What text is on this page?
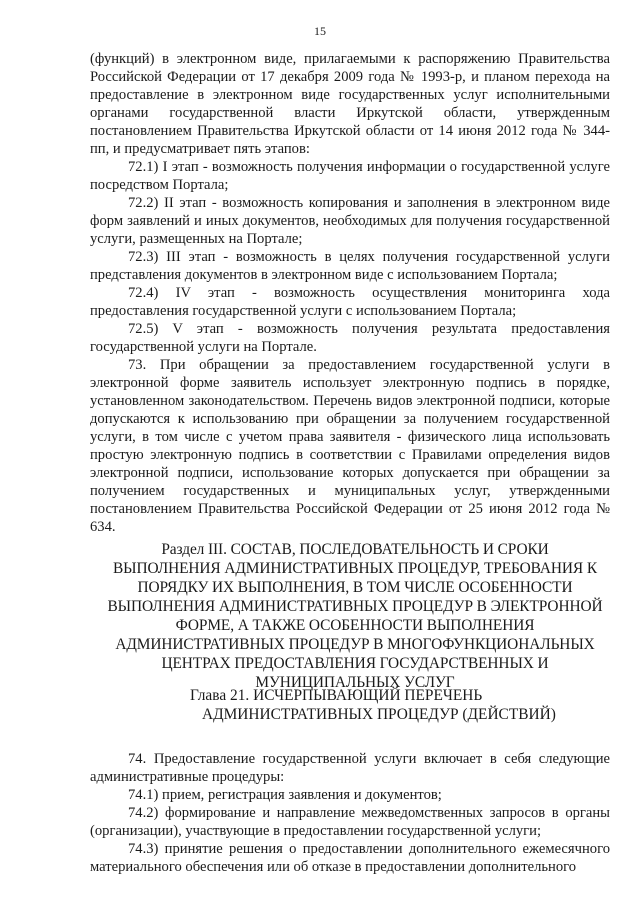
15

(функций) в электронном виде, прилагаемыми к распоряжению Правительства Российской Федерации от 17 декабря 2009 года № 1993-р, и планом перехода на предоставление в электронном виде государственных услуг исполнительными органами государственной власти Иркутской области, утвержденным постановлением Правительства Иркутской области от 14 июня 2012 года № 344-пп, и предусматривает пять этапов:

72.1) I этап - возможность получения информации о государственной услуге посредством Портала;

72.2) II этап - возможность копирования и заполнения в электронном виде форм заявлений и иных документов, необходимых для получения государственной услуги, размещенных на Портале;

72.3) III этап - возможность в целях получения государственной услуги представления документов в электронном виде с использованием Портала;

72.4) IV этап - возможность осуществления мониторинга хода предоставления государственной услуги с использованием Портала;

72.5) V этап - возможность получения результата предоставления государственной услуги на Портале.

73. При обращении за предоставлением государственной услуги в электронной форме заявитель использует электронную подпись в порядке, установленном законодательством. Перечень видов электронной подписи, которые допускаются к использованию при обращении за получением государственной услуги, в том числе с учетом права заявителя - физического лица использовать простую электронную подпись в соответствии с Правилами определения видов электронной подписи, использование которых допускается при обращении за получением государственных и муниципальных услуг, утвержденными постановлением Правительства Российской Федерации от 25 июня 2012 года № 634.

Раздел III. СОСТАВ, ПОСЛЕДОВАТЕЛЬНОСТЬ И СРОКИ
ВЫПОЛНЕНИЯ АДМИНИСТРАТИВНЫХ ПРОЦЕДУР, ТРЕБОВАНИЯ К
ПОРЯДКУ ИХ ВЫПОЛНЕНИЯ, В ТОМ ЧИСЛЕ ОСОБЕННОСТИ
ВЫПОЛНЕНИЯ АДМИНИСТРАТИВНЫХ ПРОЦЕДУР В ЭЛЕКТРОННОЙ
ФОРМЕ, А ТАКЖЕ ОСОБЕННОСТИ ВЫПОЛНЕНИЯ
АДМИНИСТРАТИВНЫХ ПРОЦЕДУР В МНОГОФУНКЦИОНАЛЬНЫХ
ЦЕНТРАХ ПРЕДОСТАВЛЕНИЯ ГОСУДАРСТВЕННЫХ И
МУНИЦИПАЛЬНЫХ УСЛУГ
Глава 21. ИСЧЕРПЫВАЮЩИЙ ПЕРЕЧЕНЬ
АДМИНИСТРАТИВНЫХ ПРОЦЕДУР (ДЕЙСТВИЙ)

74. Предоставление государственной услуги включает в себя следующие административные процедуры:

74.1) прием, регистрация заявления и документов;

74.2) формирование и направление межведомственных запросов в органы (организации), участвующие в предоставлении государственной услуги;

74.3) принятие решения о предоставлении дополнительного ежемесячного материального обеспечения или об отказе в предоставлении дополнительного
